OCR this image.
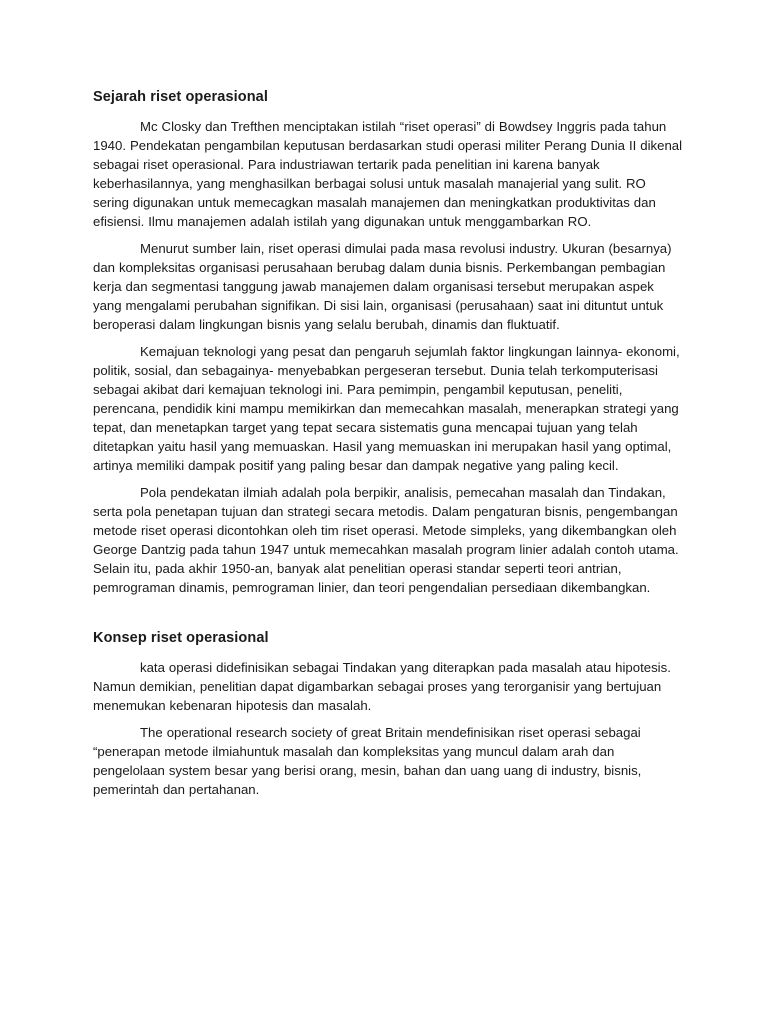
Sejarah riset operasional

Mc Closky dan Trefthen menciptakan istilah “riset operasi” di Bowdsey Inggris pada tahun 1940. Pendekatan pengambilan keputusan berdasarkan studi operasi militer Perang Dunia II dikenal sebagai riset operasional. Para industriawan tertarik pada penelitian ini karena banyak keberhasilannya, yang menghasilkan berbagai solusi untuk masalah manajerial yang sulit. RO sering digunakan untuk memecagkan masalah manajemen dan meningkatkan produktivitas dan efisiensi. Ilmu manajemen adalah istilah yang digunakan untuk menggambarkan RO.

Menurut sumber lain, riset operasi dimulai pada masa revolusi industry. Ukuran (besarnya) dan kompleksitas organisasi perusahaan berubag dalam dunia bisnis. Perkembangan pembagian kerja dan segmentasi tanggung jawab manajemen dalam organisasi tersebut merupakan aspek yang mengalami perubahan signifikan. Di sisi lain, organisasi (perusahaan) saat ini dituntut untuk beroperasi dalam lingkungan bisnis yang selalu berubah, dinamis dan fluktuatif.

Kemajuan teknologi yang pesat dan pengaruh sejumlah faktor lingkungan lainnya- ekonomi, politik, sosial, dan sebagainya- menyebabkan pergeseran tersebut. Dunia telah terkomputerisasi sebagai akibat dari kemajuan teknologi ini. Para pemimpin, pengambil keputusan, peneliti, perencana, pendidik kini mampu memikirkan dan memecahkan masalah, menerapkan strategi yang tepat, dan menetapkan target yang tepat secara sistematis guna mencapai tujuan yang telah ditetapkan yaitu hasil yang memuaskan. Hasil yang memuaskan ini merupakan hasil yang optimal, artinya memiliki dampak positif yang paling besar dan dampak negative yang paling kecil.

Pola pendekatan ilmiah adalah pola berpikir, analisis, pemecahan masalah dan Tindakan, serta pola penetapan tujuan dan strategi secara metodis. Dalam pengaturan bisnis, pengembangan metode riset operasi dicontohkan oleh tim riset operasi. Metode simpleks, yang dikembangkan oleh George Dantzig pada tahun 1947 untuk memecahkan masalah program linier adalah contoh utama. Selain itu, pada akhir 1950-an, banyak alat penelitian operasi standar seperti teori antrian, pemrograman dinamis, pemrograman linier, dan teori pengendalian persediaan dikembangkan.

Konsep riset operasional

kata operasi didefinisikan sebagai Tindakan yang diterapkan pada masalah atau hipotesis. Namun demikian, penelitian dapat digambarkan sebagai proses yang terorganisir yang bertujuan menemukan kebenaran hipotesis dan masalah.

The operational research society of great Britain mendefinisikan riset operasi sebagai “penerapan metode ilmiahuntuk masalah dan kompleksitas yang muncul dalam arah dan pengelolaan system besar yang berisi orang, mesin, bahan dan uang uang di industry, bisnis, pemerintah dan pertahanan.
